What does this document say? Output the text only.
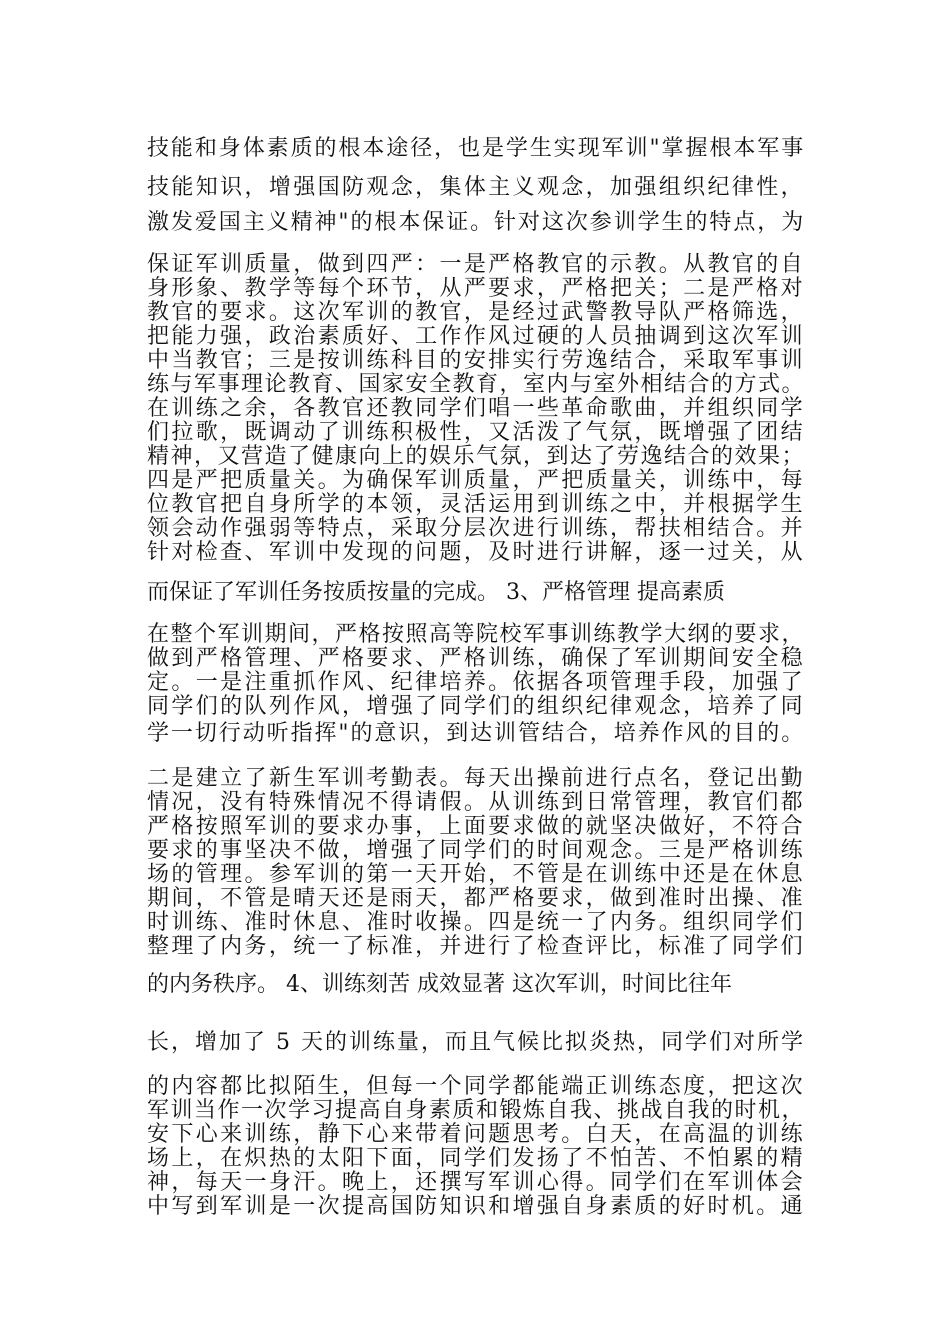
技能和身体素质的根本途径，也是学生实现军训"掌握根本军事

技能知识，增强国防观念，集体主义观念，加强组织纪律性，

激发爱国主义精神"的根本保证。针对这次参训学生的特点，为

保证军训质量，做到四严：一是严格教官的示教。从教官的自

身形象、教学等每个环节，从严要求，严格把关；二是严格对

教官的要求。这次军训的教官，是经过武警教导队严格筛选，

把能力强，政治素质好、工作作风过硬的人员抽调到这次军训

中当教官；三是按训练科目的安排实行劳逸结合，采取军事训

练与军事理论教育、国家安全教育，室内与室外相结合的方式。

在训练之余，各教官还教同学们唱一些革命歌曲，并组织同学

们拉歌，既调动了训练积极性，又活泼了气氛，既增强了团结

精神，又营造了健康向上的娱乐气氛，到达了劳逸结合的效果；

四是严把质量关。为确保军训质量，严把质量关，训练中，每

位教官把自身所学的本领，灵活运用到训练之中，并根据学生

领会动作强弱等特点，采取分层次进行训练，帮扶相结合。并

针对检查、军训中发现的问题，及时进行讲解，逐一过关，从

而保证了军训任务按质按量的完成。 3、严格管理 提高素质

在整个军训期间，严格按照高等院校军事训练教学大纲的要求，

做到严格管理、严格要求、严格训练，确保了军训期间安全稳

定。一是注重抓作风、纪律培养。依据各项管理手段，加强了

同学们的队列作风，增强了同学们的组织纪律观念，培养了同

学一切行动听指挥"的意识，到达训管结合，培养作风的目的。

二是建立了新生军训考勤表。每天出操前进行点名，登记出勤

情况，没有特殊情况不得请假。从训练到日常管理，教官们都

严格按照军训的要求办事，上面要求做的就坚决做好，不符合

要求的事坚决不做，增强了同学们的时间观念。三是严格训练

场的管理。参军训的第一天开始，不管是在训练中还是在休息

期间，不管是晴天还是雨天，都严格要求，做到准时出操、准

时训练、准时休息、准时收操。四是统一了内务。组织同学们

整理了内务，统一了标准，并进行了检查评比，标准了同学们

的内务秩序。 4、训练刻苦 成效显著 这次军训，时间比往年

长，增加了 5 天的训练量，而且气候比拟炎热，同学们对所学

的内容都比拟陌生，但每一个同学都能端正训练态度，把这次

军训当作一次学习提高自身素质和锻炼自我、挑战自我的时机，

安下心来训练，静下心来带着问题思考。白天，在高温的训练

场上，在炽热的太阳下面，同学们发扬了不怕苦、不怕累的精

神，每天一身汗。晚上，还撰写军训心得。同学们在军训体会

中写到军训是一次提高国防知识和增强自身素质的好时机。通
